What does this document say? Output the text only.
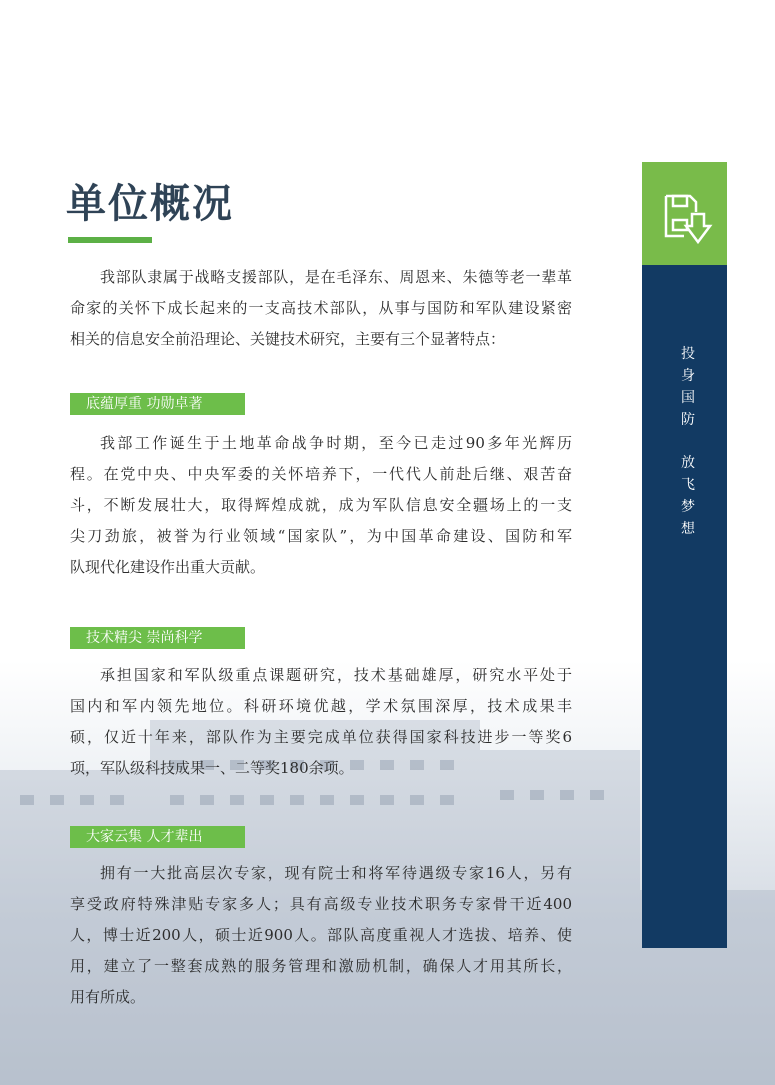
单位概况

我部队隶属于战略支援部队，是在毛泽东、周恩来、朱德等老一辈革
命家的关怀下成长起来的一支高技术部队，从事与国防和军队建设紧密
相关的信息安全前沿理论、关键技术研究，主要有三个显著特点：

底蕴厚重 功勋卓著

我部工作诞生于土地革命战争时期，至今已走过90多年光辉历
程。在党中央、中央军委的关怀培养下，一代代人前赴后继、艰苦奋
斗，不断发展壮大，取得辉煌成就，成为军队信息安全疆场上的一支
尖刀劲旅，被誉为行业领域“国家队”，为中国革命建设、国防和军
队现代化建设作出重大贡献。

技术精尖 崇尚科学

承担国家和军队级重点课题研究，技术基础雄厚，研究水平处于
国内和军内领先地位。科研环境优越，学术氛围深厚，技术成果丰
硕，仅近十年来，部队作为主要完成单位获得国家科技进步一等奖6
项，军队级科技成果一、二等奖180余项。

大家云集 人才辈出

拥有一大批高层次专家，现有院士和将军待遇级专家16人，另有
享受政府特殊津贴专家多人；具有高级专业技术职务专家骨干近400
人，博士近200人，硕士近900人。部队高度重视人才选拔、培养、使
用，建立了一整套成熟的服务管理和激励机制，确保人才用其所长，
用有所成。

投
身
国
防
放
飞
梦
想
